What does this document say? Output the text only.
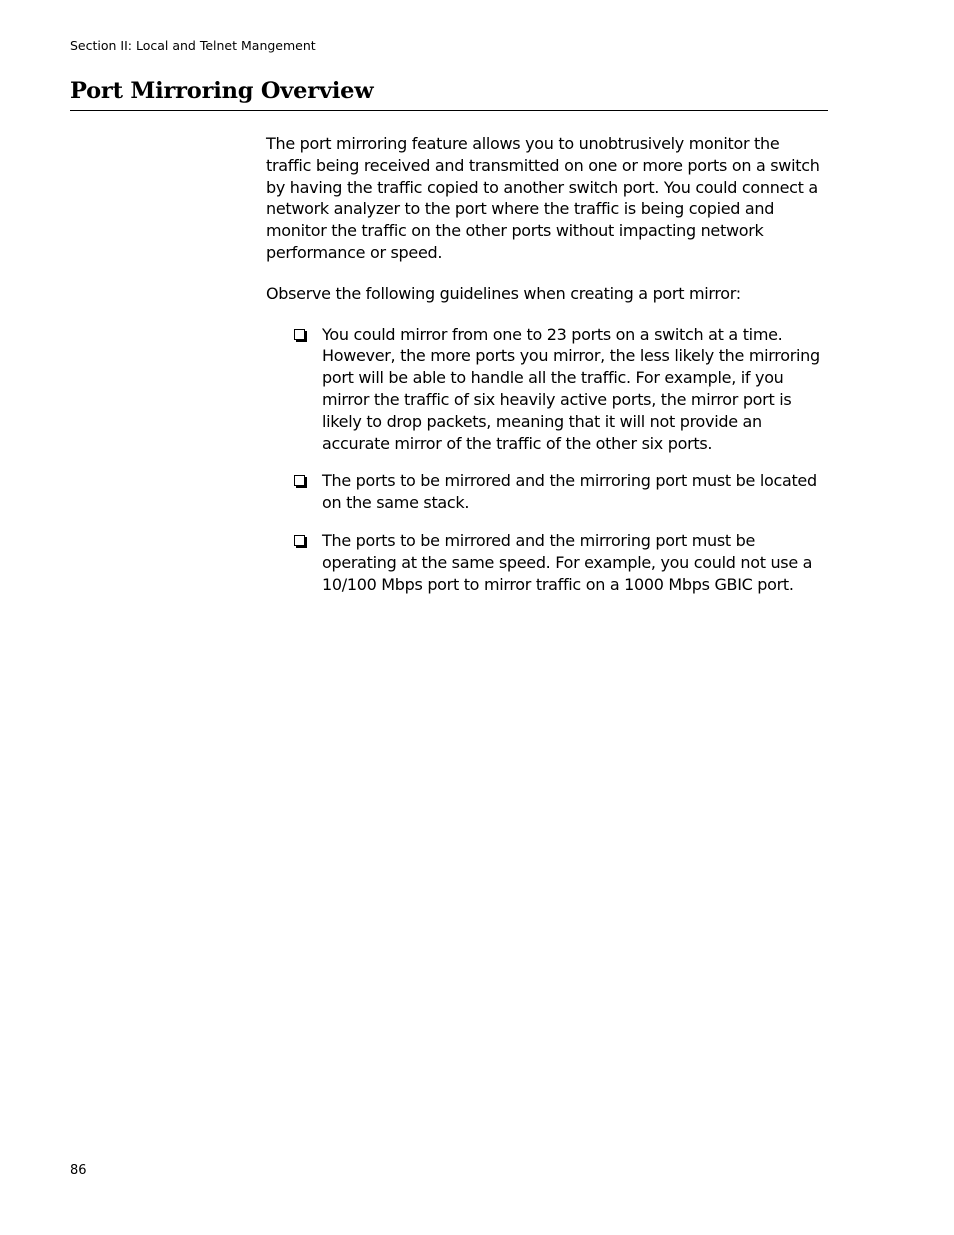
Section II: Local and Telnet Mangement
Port Mirroring Overview

The port mirroring feature allows you to unobtrusively monitor the traffic being received and transmitted on one or more ports on a switch by having the traffic copied to another switch port. You could connect a network analyzer to the port where the traffic is being copied and monitor the traffic on the other ports without impacting network performance or speed.

Observe the following guidelines when creating a port mirror:

You could mirror from one to 23 ports on a switch at a time. However, the more ports you mirror, the less likely the mirroring port will be able to handle all the traffic. For example, if you mirror the traffic of six heavily active ports, the mirror port is likely to drop packets, meaning that it will not provide an accurate mirror of the traffic of the other six ports.
The ports to be mirrored and the mirroring port must be located on the same stack.
The ports to be mirrored and the mirroring port must be operating at the same speed. For example, you could not use a 10/100 Mbps port to mirror traffic on a 1000 Mbps GBIC port.
86
